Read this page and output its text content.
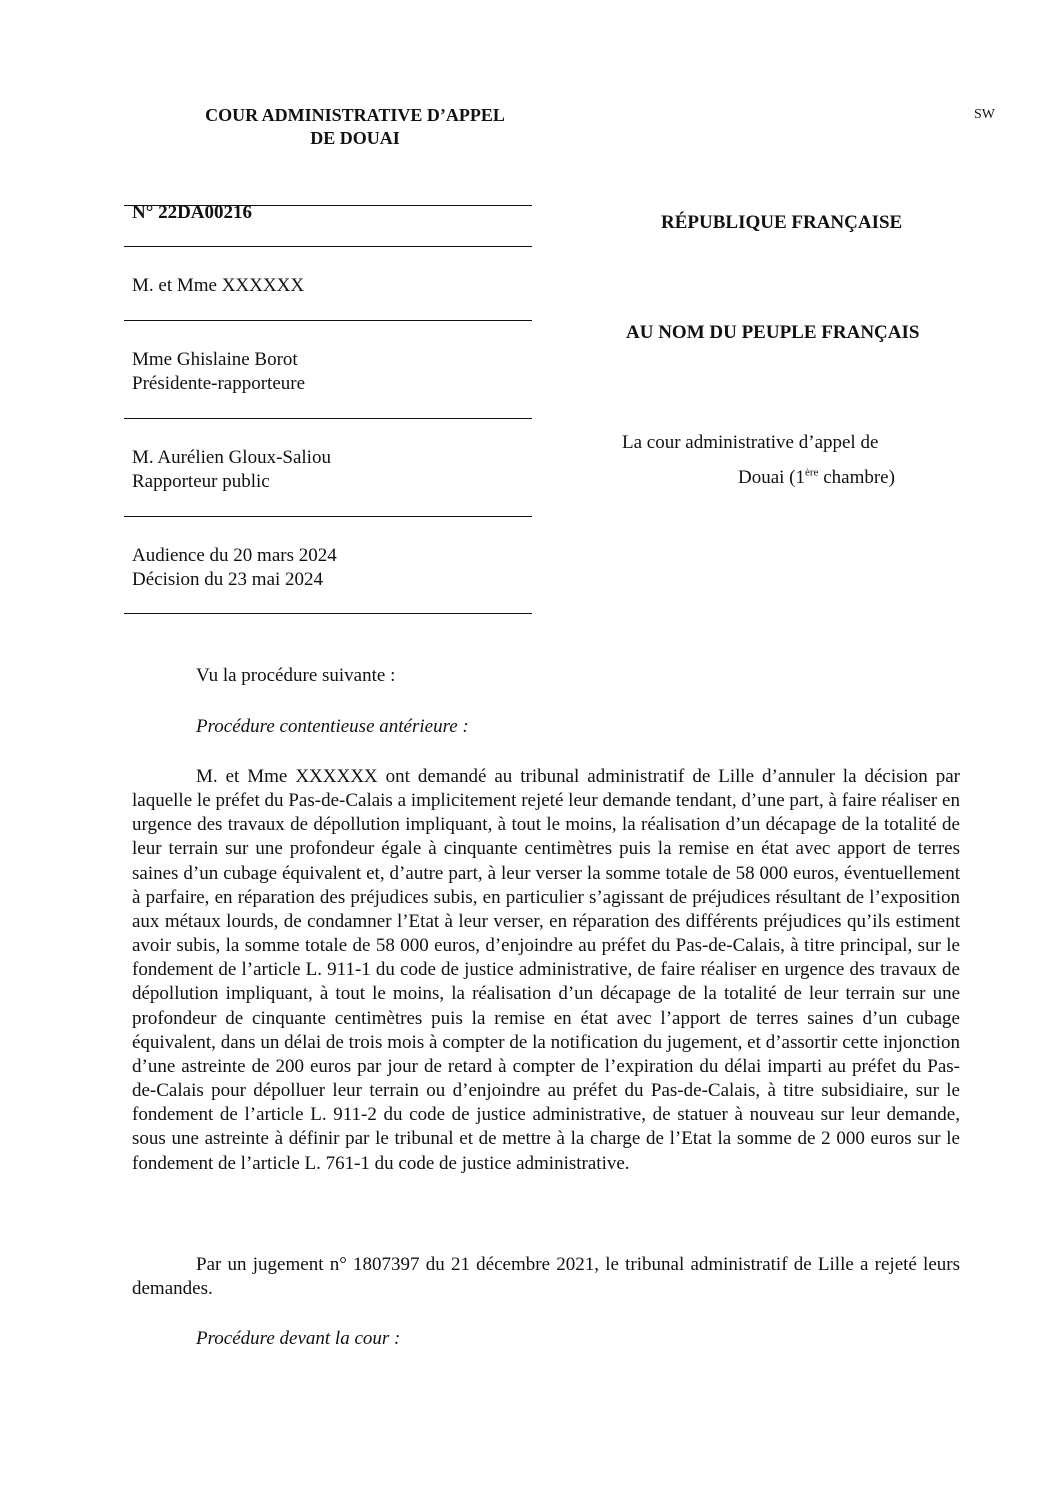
COUR ADMINISTRATIVE D’APPEL
DE DOUAI
SW
N° 22DA00216
M. et Mme XXXXXX
Mme Ghislaine Borot
Présidente-rapporteure
M. Aurélien Gloux-Saliou
Rapporteur public
Audience du 20 mars 2024
Décision du 23 mai 2024
RÉPUBLIQUE FRANÇAISE
AU NOM DU PEUPLE FRANÇAIS
La cour administrative d’appel de
Douai (1ère chambre)
Vu la procédure suivante :
Procédure contentieuse antérieure :

M. et Mme XXXXXX ont demandé au tribunal administratif de Lille d’annuler la décision par laquelle le préfet du Pas-de-Calais a implicitement rejeté leur demande tendant, d’une part, à faire réaliser en urgence des travaux de dépollution impliquant, à tout le moins, la réalisation d’un décapage de la totalité de leur terrain sur une profondeur égale à cinquante centimètres puis la remise en état avec apport de terres saines d’un cubage équivalent et, d’autre part, à leur verser la somme totale de 58 000 euros, éventuellement à parfaire, en réparation des préjudices subis, en particulier s’agissant de préjudices résultant de l’exposition aux métaux lourds, de condamner l’Etat à leur verser, en réparation des différents préjudices qu’ils estiment avoir subis, la somme totale de 58 000 euros, d’enjoindre au préfet du Pas-de-Calais, à titre principal, sur le fondement de l’article L. 911-1 du code de justice administrative, de faire réaliser en urgence des travaux de dépollution impliquant, à tout le moins, la réalisation d’un décapage de la totalité de leur terrain sur une profondeur de cinquante centimètres puis la remise en état avec l’apport de terres saines d’un cubage équivalent, dans un délai de trois mois à compter de la notification du jugement, et d’assortir cette injonction d’une astreinte de 200 euros par jour de retard à compter de l’expiration du délai imparti au préfet du Pas-de-Calais pour dépolluer leur terrain ou d’enjoindre au préfet du Pas-de-Calais, à titre subsidiaire, sur le fondement de l’article L. 911-2 du code de justice administrative, de statuer à nouveau sur leur demande, sous une astreinte à définir par le tribunal et de mettre à la charge de l’Etat la somme de 2 000 euros sur le fondement de l’article L. 761-1 du code de justice administrative.

Par un jugement n° 1807397 du 21 décembre 2021, le tribunal administratif de Lille a rejeté leurs demandes.

Procédure devant la cour :
